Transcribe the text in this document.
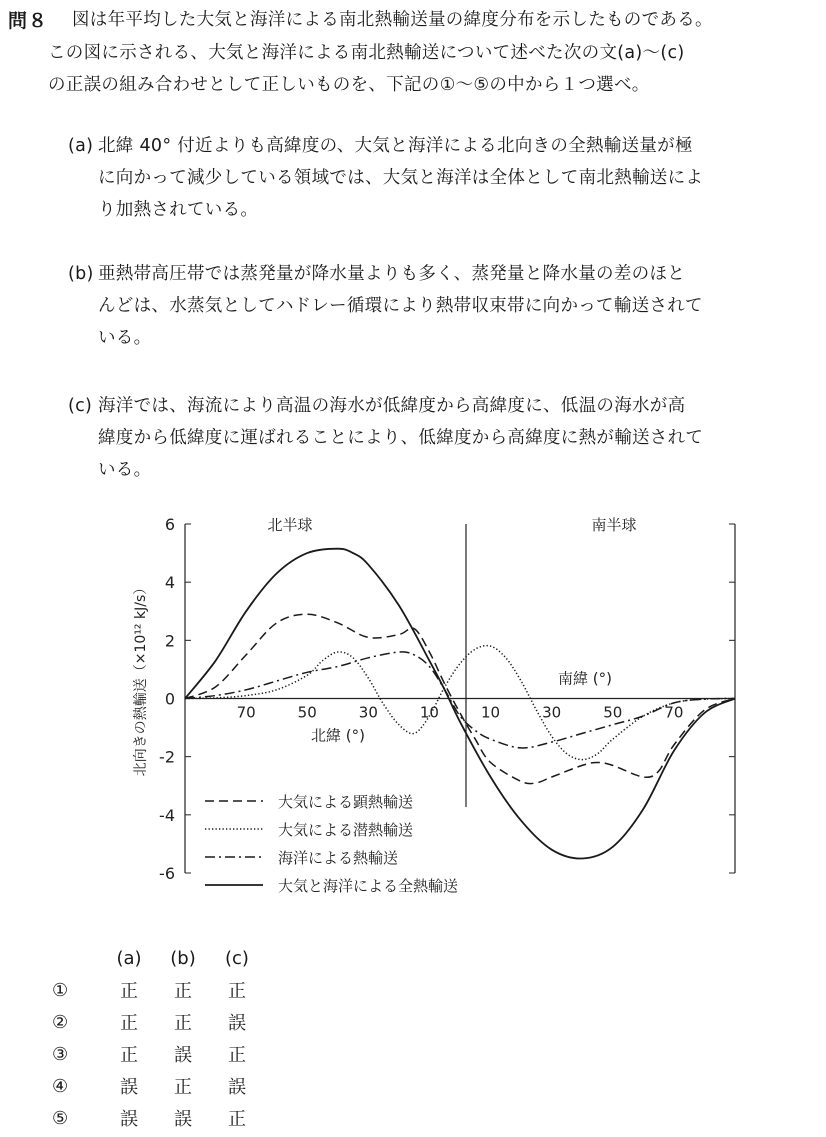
問８ 図は年平均した大気と海洋による南北熱輸送量の緯度分布を示したものである。
この図に示される、大気と海洋による南北熱輸送について述べた次の文(a)～(c)
の正誤の組み合わせとして正しいものを、下記の①～⑤の中から１つ選べ。
(a) 北緯 40° 付近よりも高緯度の、大気と海洋による北向きの全熱輸送量が極
に向かって減少している領域では、大気と海洋は全体として南北熱輸送によ
り加熱されている。
(b) 亜熱帯高圧帯では蒸発量が降水量よりも多く、蒸発量と降水量の差のほと
んどは、水蒸気としてハドレー循環により熱帯収束帯に向かって輸送されて
いる。
(c) 海洋では、海流により高温の海水が低緯度から高緯度に、低温の海水が高
緯度から低緯度に運ばれることにより、低緯度から高緯度に熱が輸送されて
いる。
6
4
2
0
-2
-4
-6
70	50	30	10	10	30	50	70
北緯 (°)
南緯 (°)
北半球	南半球
北向きの熱輸送（×10¹² kJ/s）
大気による顕熱輸送
大気による潜熱輸送
海洋による熱輸送
大気と海洋による全熱輸送
(a)	(b)	(c)
①	正	正	正
②	正	正	誤
③	正	誤	正
④	誤	正	誤
⑤	誤	誤	正
